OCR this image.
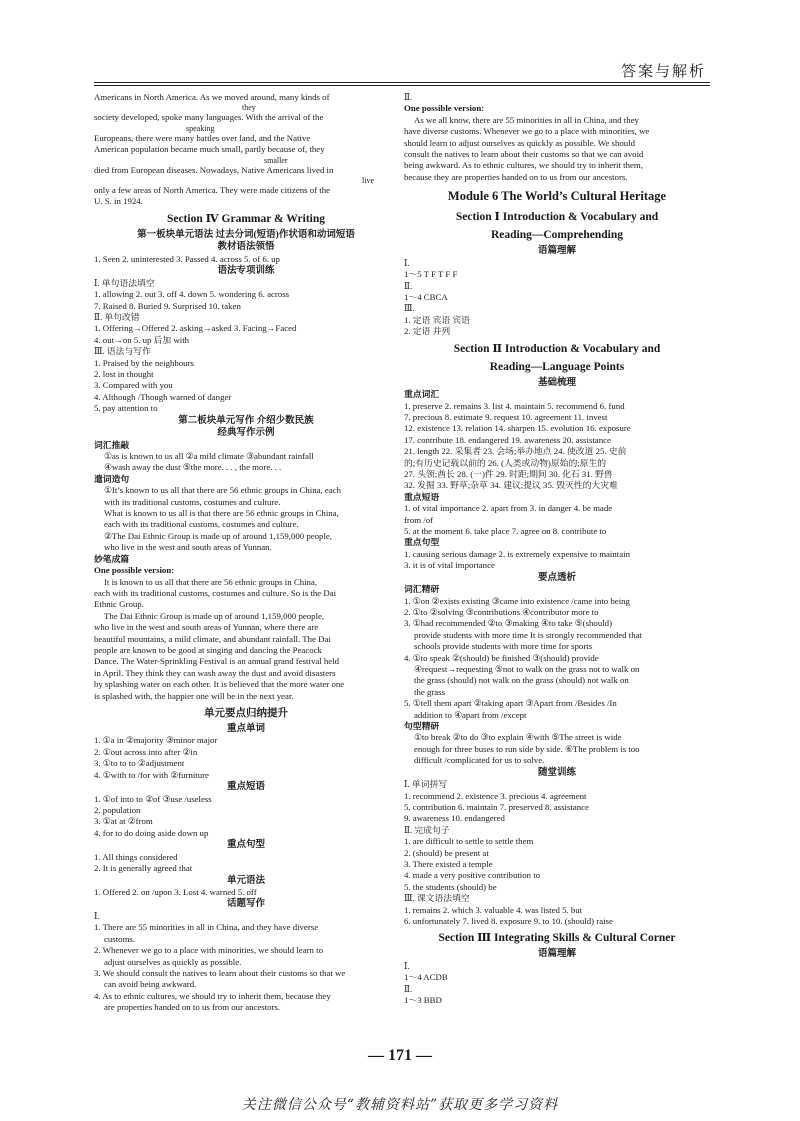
答案与解析
Americans in North America. As we moved around, many kinds of
they
society developed, spoke many languages. With the arrival of the
speaking
Europeans, there were many battles over land, and the Native
American population became much small, partly because of, they
smaller
died from European diseases. Nowadays, Native Americans lived in
live
only a few areas of North America. They were made citizens of the
U. S. in 1924.
Section Ⅳ Grammar & Writing
第一板块单元语法 过去分词(短语)作状语和动词短语
教材语法领悟
1. Seen 2. uninterested 3. Passed 4. across 5. of 6. up
语法专项训练
Ⅰ. 单句语法填空
1. allowing 2. out 3. off 4. down 5. wondering 6. across
7. Raised 8. Buried 9. Surprised 10. taken
Ⅱ. 单句改错
1. Offering→Offered 2. asking→asked 3. Facing→Faced
4. out→on 5. up 后加 with
Ⅲ. 语法与写作
1. Praised by the neighbours
2. lost in thought
3. Compared with you
4. Although /Though warned of danger
5. pay attention to
第二板块单元写作 介绍少数民族
经典写作示例
词汇推敲
①as is known to us all ②a mild climate ③abundant rainfall
④wash away the dust ⑤the more. . . , the more. . .
遣词造句
①It’s known to us all that there are 56 ethnic groups in China, each
with its traditional customs, costumes and culture.
What is known to us all is that there are 56 ethnic groups in China,
each with its traditional customs, costumes and culture.
②The Dai Ethnic Group is made up of around 1,159,000 people,
who live in the west and south areas of Yunnan.
妙笔成篇
One possible version:
It is known to us all that there are 56 ethnic groups in China,
each with its traditional customs, costumes and culture. So is the Dai
Ethnic Group.
The Dai Ethnic Group is made up of around 1,159,000 people,
who live in the west and south areas of Yunnan, where there are
beautiful mountains, a mild climate, and abundant rainfall. The Dai
people are known to be good at singing and dancing the Peacock
Dance. The Water-Sprinkling Festival is an annual grand festival held
in April. They think they can wash away the dust and avoid disasters
by splashing water on each other. It is believed that the more water one
is splashed with, the happier one will be in the next year.
单元要点归纳提升
重点单词
1. ①a in ②majority ③minor major
2. ①out across into after ②in
3. ①to to to ②adjustment
4. ①with to /for with ②furniture
重点短语
1. ①of into to ②of ③use /useless
2. population
3. ①at at ②from
4. for to do doing aside down up
重点句型
1. All things considered
2. It is generally agreed that
单元语法
1. Offered 2. on /upon 3. Lost 4. warned 5. off
话题写作
Ⅰ.
1. There are 55 minorities in all in China, and they have diverse
customs.
2. Whenever we go to a place with minorities, we should learn to
adjust ourselves as quickly as possible.
3. We should consult the natives to learn about their customs so that we
can avoid being awkward.
4. As to ethnic cultures, we should try to inherit them, because they
are properties handed on to us from our ancestors.
Ⅱ.
One possible version:
As we all know, there are 55 minorities in all in China, and they
have diverse customs. Whenever we go to a place with minorities, we
should learn to adjust ourselves as quickly as possible. We should
consult the natives to learn about their customs so that we can avoid
being awkward. As to ethnic cultures, we should try to inherit them,
because they are properties handed on to us from our ancestors.
Module 6 The World’s Cultural Heritage
Section Ⅰ Introduction & Vocabulary and
Reading—Comprehending
语篇理解
Ⅰ.
1～5 T F T F F
Ⅱ.
1～4 CBCA
Ⅲ.
1. 定语 宾语 宾语
2. 定语 并列
Section Ⅱ Introduction & Vocabulary and
Reading—Language Points
基础梳理
重点词汇
1. preserve 2. remains 3. list 4. maintain 5. recommend 6. fund
7. precious 8. estimate 9. request 10. agreement 11. invest
12. existence 13. relation 14. sharpen 15. evolution 16. exposure
17. contribute 18. endangered 19. awareness 20. assistance
21. length 22. 采集者 23. 会场;举办地点 24. 使改道 25. 史前
的;有历史记载以前的 26. (人类或动物)原始的;原生的
27. 头领;酋长 28. (一)件 29. 时距;期间 30. 化石 31. 野兽
32. 发掘 33. 野草;杂草 34. 建议;提议 35. 毁灭性的大灾难
重点短语
1. of vital importance 2. apart from 3. in danger 4. be made
from /of
5. at the moment 6. take place 7. agree on 8. contribute to
重点句型
1. causing serious damage 2. is extremely expensive to maintain
3. it is of vital importance
要点透析
词汇精研
1. ①on ②exists existing ③came into existence /came into being
2. ①to ②solving ③contributions ④contributor more to
3. ①had recommended ②to ③making ④to take ⑤(should)
provide students with more time It is strongly recommended that
schools provide students with more time for sports
4. ①to speak ②(should) be finished ③(should) provide
④request→requesting ⑤not to walk on the grass not to walk on
the grass (should) not walk on the grass (should) not walk on
the grass
5. ①tell them apart ②taking apart ③Apart from /Besides /In
addition to ④apart from /except
句型精研
①to break ②to do ③to explain ④with ⑤The street is wide
enough for three buses to run side by side. ⑥The problem is too
difficult /complicated for us to solve.
随堂训练
Ⅰ. 单词拼写
1. recommend 2. existence 3. precious 4. agreement
5. contribution 6. maintain 7. preserved 8. assistance
9. awareness 10. endangered
Ⅱ. 完成句子
1. are difficult to settle to settle them
2. (should) be present at
3. There existed a temple
4. made a very positive contribution to
5. the students (should) be
Ⅲ. 课文语法填空
1. remains 2. which 3. valuable 4. was listed 5. but
6. unfortunately 7. lived 8. exposure 9. to 10. (should) raise
Section Ⅲ Integrating Skills & Cultural Corner
语篇理解
Ⅰ.
1～4 ACDB
Ⅱ.
1～3 BBD
— 171 —
关注微信公众号“教辅资料站”获取更多学习资料
